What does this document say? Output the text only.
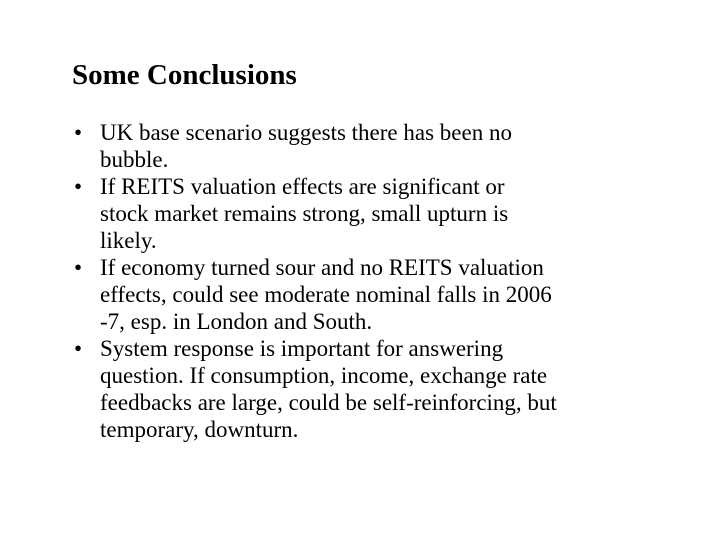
Some Conclusions
• UK base scenario suggests there has been no
bubble.
• If REITS valuation effects are significant or
stock market remains strong, small upturn is
likely.
• If economy turned sour and no REITS valuation
effects, could see moderate nominal falls in 2006
-7, esp. in London and South.
• System response is important for answering
question. If consumption, income, exchange rate
feedbacks are large, could be self-reinforcing, but
temporary, downturn.
